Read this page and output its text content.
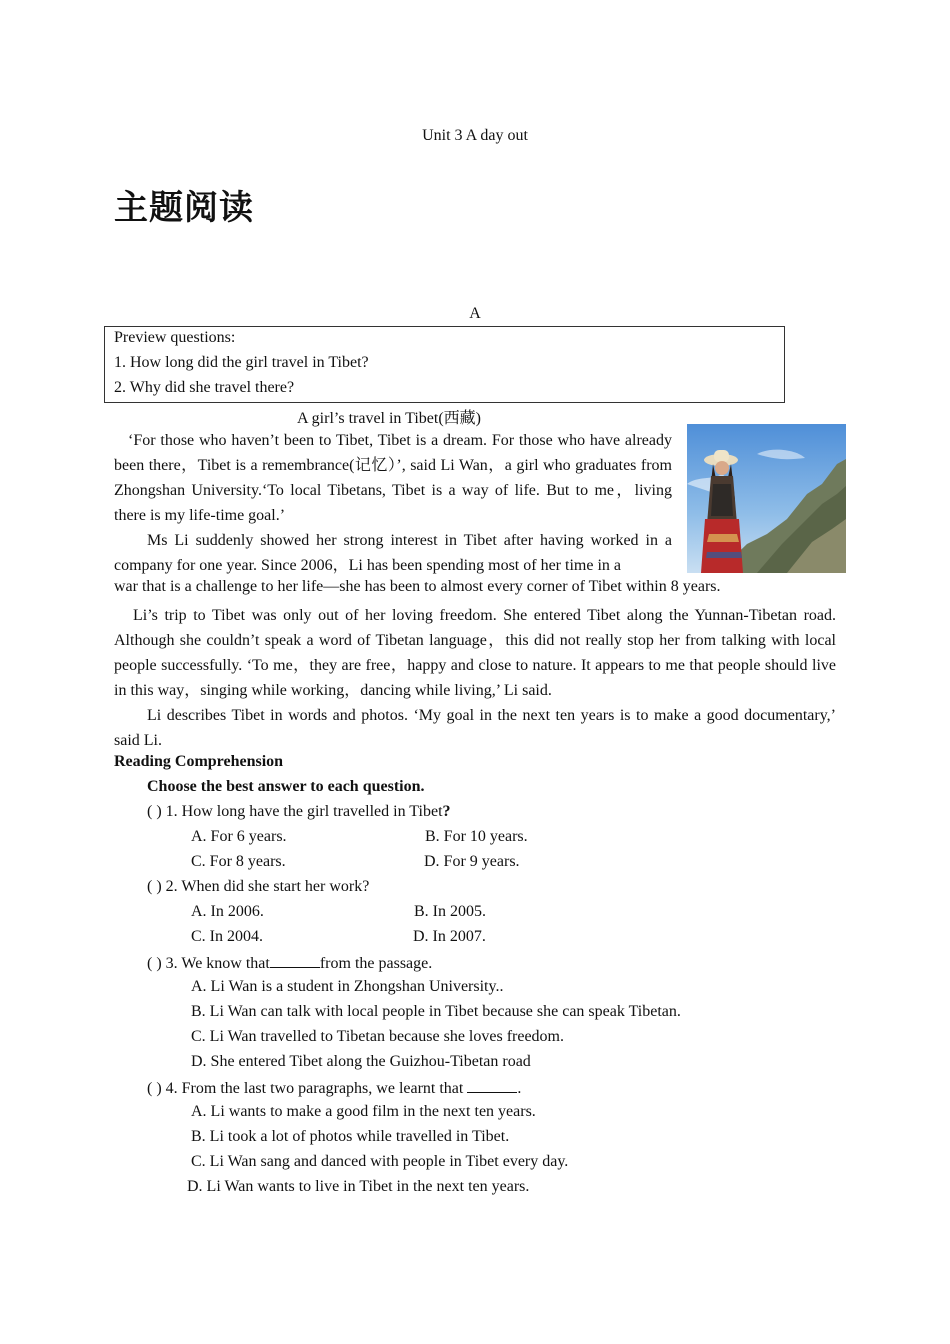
Unit 3 A day out
主题阅读
A
Preview questions:
1. How long did the girl travel in Tibet?
2. Why did she travel there?
A girl’s travel in Tibet(西藏)
‘For those who haven’t been to Tibet, Tibet is a dream. For those who have already been there，Tibet is a remembrance(记忆）’, said Li Wan，a girl who graduates from Zhongshan University.‘To local Tibetans, Tibet is a way of life. But to me，living there is my life-time goal.’
Ms Li suddenly showed her strong interest in Tibet after having worked in a company for one year. Since 2006，Li has been spending most of her time in a
war that is a challenge to her life—she has been to almost every corner of Tibet within 8 years.
Li’s trip to Tibet was only out of her loving freedom. She entered Tibet along the Yunnan-Tibetan road. Although she couldn’t speak a word of Tibetan language，this did not really stop her from talking with local people successfully. ‘To me，they are free，happy and close to nature. It appears to me that people should live in this way，singing while working，dancing while living,’ Li said.
Li describes Tibet in words and photos. ‘My goal in the next ten years is to make a good documentary,’ said Li.
Reading Comprehension
Choose the best answer to each question.
( ) 1. How long have the girl travelled in Tibet?
A. For 6 years.	B. For 10 years.
C. For 8 years.	D. For 9 years.
( ) 2. When did she start her work?
A. In 2006.	B. In 2005.
C. In 2004.	D. In 2007.
( ) 3. We know that	from the passage.
A. Li Wan is a student in Zhongshan University..
B. Li Wan can talk with local people in Tibet because she can speak Tibetan.
C. Li Wan travelled to Tibetan because she loves freedom.
D. She entered Tibet along the Guizhou-Tibetan road
( ) 4. From the last two paragraphs, we learnt that	.
A. Li wants to make a good film in the next ten years.
B. Li took a lot of photos while travelled in Tibet.
C. Li Wan sang and danced with people in Tibet every day.
D. Li Wan wants to live in Tibet in the next ten years.
